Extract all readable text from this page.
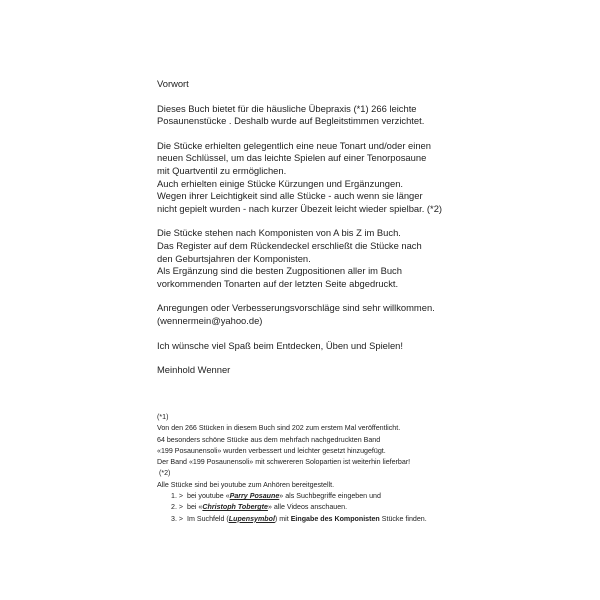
Vorwort

Dieses Buch bietet für die häusliche Übepraxis (*1) 266 leichte
Posaunenstücke . Deshalb wurde auf Begleitstimmen verzichtet.

Die Stücke erhielten gelegentlich eine neue Tonart und/oder einen
neuen Schlüssel, um das leichte Spielen auf einer Tenorposaune
mit Quartventil zu ermöglichen.
Auch erhielten einige Stücke Kürzungen und Ergänzungen.
Wegen ihrer Leichtigkeit sind alle Stücke - auch wenn sie länger
nicht gepielt wurden - nach kurzer Übezeit leicht wieder spielbar. (*2)

Die Stücke stehen nach Komponisten von A bis Z im Buch.
Das Register auf dem Rückendeckel erschließt die Stücke nach
den Geburtsjahren der Komponisten.
Als Ergänzung sind die besten Zugpositionen aller im Buch
vorkommenden Tonarten auf der letzten Seite abgedruckt.

Anregungen oder Verbesserungsvorschläge sind sehr willkommen.
(wennermein@yahoo.de)

Ich wünsche viel Spaß beim Entdecken, Üben und Spielen!

Meinhold Wenner

(*1)
Von den 266 Stücken in diesem Buch sind 202 zum erstem Mal veröffentlicht.
64 besonders schöne Stücke aus dem mehrfach nachgedruckten Band
«199 Posaunensoli» wurden verbessert und leichter gesetzt hinzugefügt.
Der Band «199 Posaunensoli» mit schwereren Solopartien ist weiterhin lieferbar!
(*2)
Alle Stücke sind bei youtube zum Anhören bereitgestellt.
1. > bei youtube «Parry Posaune» als Suchbegriffe eingeben und
2. > bei «Christoph Tobergte» alle Videos anschauen.
3. > Im Suchfeld (Lupensymbol) mit Eingabe des Komponisten Stücke finden.
